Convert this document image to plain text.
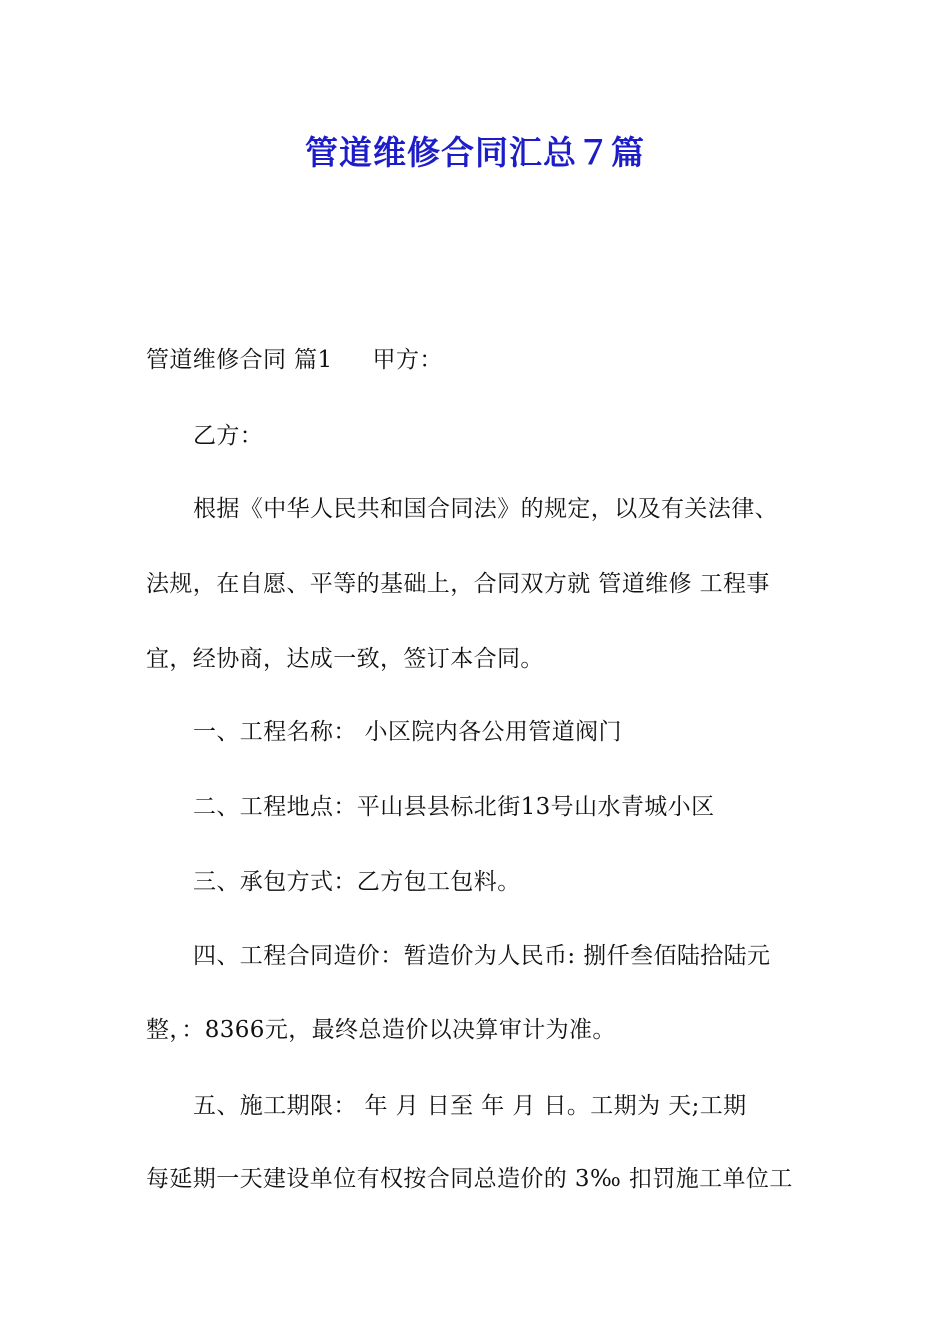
管道维修合同汇总７篇
管道维修合同 篇1 甲方：
乙方：
根据《中华人民共和国合同法》的规定，以及有关法律、
法规，在自愿、平等的基础上，合同双方就 管道维修 工程事
宜，经协商，达成一致，签订本合同。
一、工程名称： 小区院内各公用管道阀门
二、工程地点：平山县县标北街13号山水青城小区
三、承包方式：乙方包工包料。
四、工程合同造价：暂造价为人民币: 捌仟叁佰陆拾陆元
整，：8366元，最终总造价以决算审计为准。
五、施工期限： 年 月 日至 年 月 日。工期为 天;工期
每延期一天建设单位有权按合同总造价的 3‰ 扣罚施工单位工
